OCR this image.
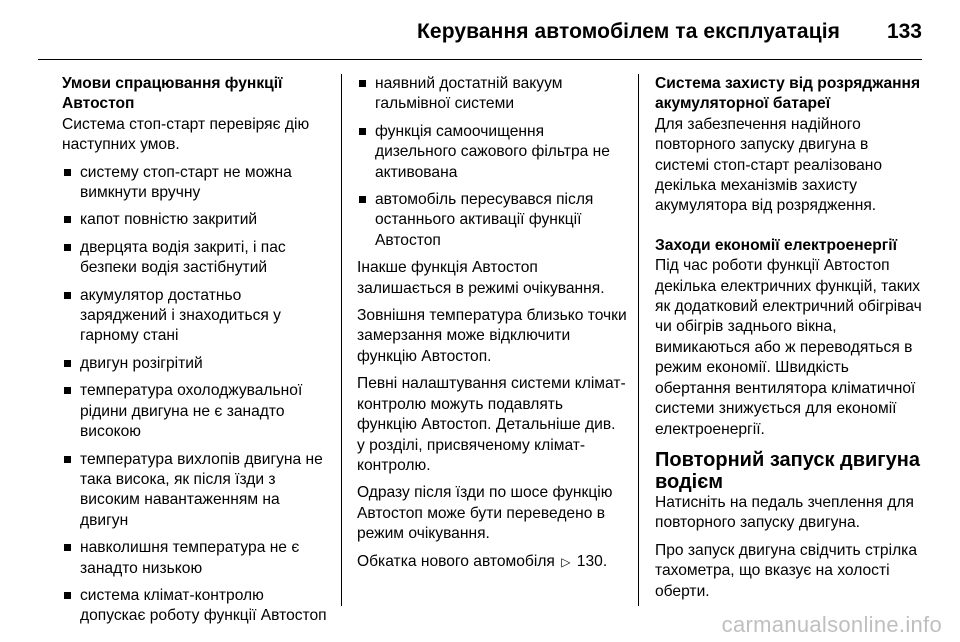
Керування автомобілем та експлуатація 133

Умови спрацювання функції Автостоп

Система стоп-старт перевіряє дію наступних умов.

систему стоп-старт не можна вимкнути вручну
капот повністю закритий
дверцята водія закриті, і пас безпеки водія застібнутий
акумулятор достатньо заряджений і знаходиться у гарному стані
двигун розігрітий
температура охолоджувальної рідини двигуна не є занадто високою
температура вихлопів двигуна не така висока, як після їзди з високим навантаженням на двигун
навколишня температура не є занадто низькою
система клімат-контролю допускає роботу функції Автостоп
наявний достатній вакуум гальмівної системи
функція самоочищення дизельного сажового фільтра не активована
автомобіль пересувався після останнього активації функції Автостоп

Інакше функція Автостоп залишається в режимі очікування.

Зовнішня температура близько точки замерзання може відключити функцію Автостоп.

Певні налаштування системи клімат-контролю можуть подавлять функцію Автостоп. Детальніше див. у розділі, присвяченому клімат-контролю.

Одразу після їзди по шосе функцію Автостоп може бути переведено в режим очікування.

Обкатка нового автомобіля ▷ 130.

Система захисту від розряджання акумуляторної батареї

Для забезпечення надійного повторного запуску двигуна в системі стоп-старт реалізовано декілька механізмів захисту акумулятора від розрядження.

Заходи економії електроенергії

Під час роботи функції Автостоп декілька електричних функцій, таких як додатковий електричний обігрівач чи обігрів заднього вікна, вимикаються або ж переводяться в режим економії. Швидкість обертання вентилятора кліматичної системи знижується для економії електроенергії.

Повторний запуск двигуна водієм

Натисніть на педаль зчеплення для повторного запуску двигуна.

Про запуск двигуна свідчить стрілка тахометра, що вказує на холості оберти.

carmanualsonline.info
